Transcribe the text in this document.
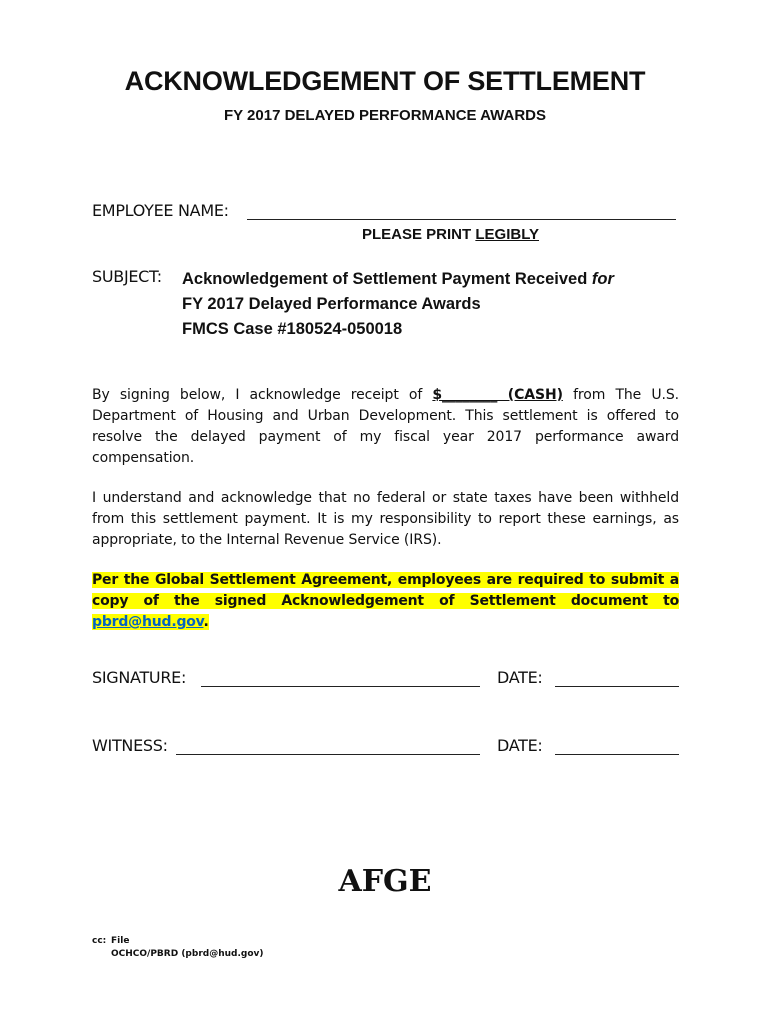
ACKNOWLEDGEMENT OF SETTLEMENT
FY 2017 DELAYED PERFORMANCE AWARDS
EMPLOYEE NAME:
PLEASE PRINT LEGIBLY
SUBJECT: Acknowledgement of Settlement Payment Received for
FY 2017 Delayed Performance Awards
FMCS Case #180524-050018
By signing below, I acknowledge receipt of $________ (CASH) from The U.S. Department of Housing and Urban Development. This settlement is offered to resolve the delayed payment of my fiscal year 2017 performance award compensation.
I understand and acknowledge that no federal or state taxes have been withheld from this settlement payment. It is my responsibility to report these earnings, as appropriate, to the Internal Revenue Service (IRS).
Per the Global Settlement Agreement, employees are required to submit a copy of the signed Acknowledgement of Settlement document to pbrd@hud.gov.
SIGNATURE:	DATE:
WITNESS:	DATE:
AFGE
cc: File
OCHCO/PBRD (pbrd@hud.gov)
